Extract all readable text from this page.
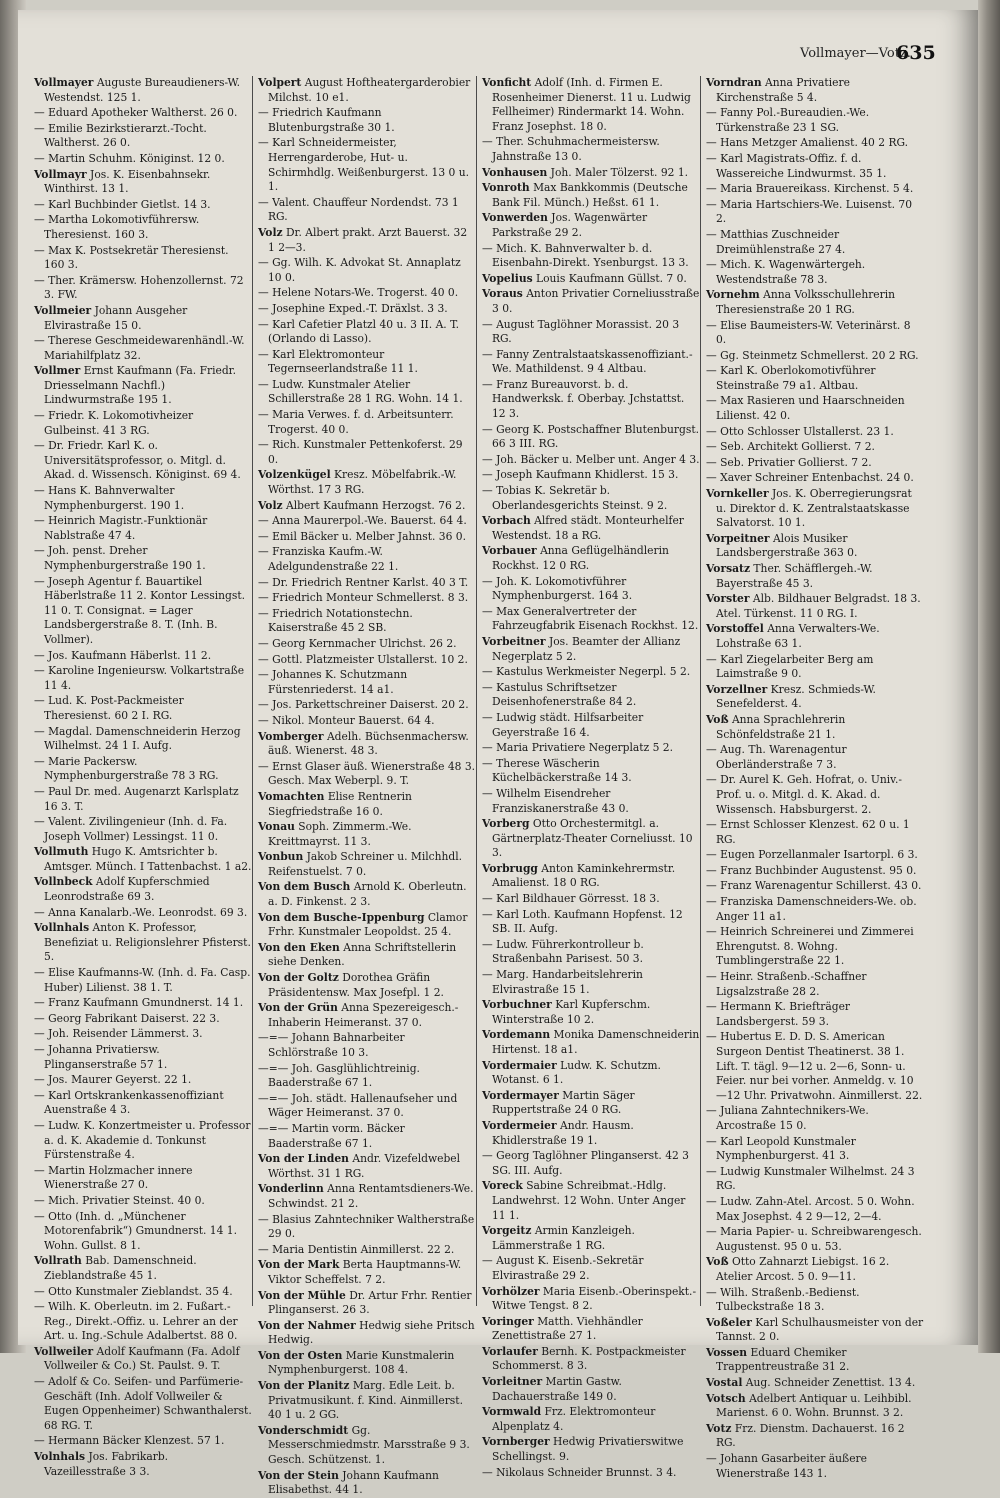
Vollmayer—Votz.
635
Vollmayer Auguste Bureaudieners-W. Westendst. 125 1.
— Eduard Apotheker Waltherst. 26 0.
— Emilie Bezirkstierarzt.-Tocht. Waltherst. 26 0.
— Martin Schuhm. Königinst. 12 0.
Vollmayr Jos. K. Eisenbahnsekr. Winthirst. 13 1.
— Karl Buchbinder Gietlst. 14 3.
— Martha Lokomotivführersw. Theresienst. 160 3.
— Max K. Postsekretär Theresienst. 160 3.
— Ther. Krämersw. Hohenzollernst. 72 3. FW.
Vollmeier Johann Ausgeher Elvirastraße 15 0.
— Therese Geschmeidewarenhändl.-W. Mariahilfplatz 32.
Vollmer Ernst Kaufmann (Fa. Friedr. Driesselmann Nachfl.) Lindwurmstraße 195 1.
— Friedr. K. Lokomotivheizer Gulbeinst. 41 3 RG.
— Dr. Friedr. Karl K. o. Universitätsprofessor, o. Mitgl. d. Akad. d. Wissensch. Königinst. 69 4.
— Hans K. Bahnverwalter Nymphenburgerst. 190 1.
— Heinrich Magistr.-Funktionär Nablstraße 47 4.
— Joh. penst. Dreher Nymphenburgerstraße 190 1.
— Joseph Agentur f. Bauartikel Häberlstraße 11 2. Kontor Lessingst. 11 0. T. Consignat. = Lager Landsbergerstraße 8. T. (Inh. B. Vollmer).
— Jos. Kaufmann Häberlst. 11 2.
— Karoline Ingenieursw. Volkartstraße 11 4.
— Lud. K. Post-Packmeister Theresienst. 60 2 I. RG.
— Magdal. Damenschneiderin Herzog Wilhelmst. 24 1 I. Aufg.
— Marie Packersw. Nymphenburgerstraße 78 3 RG.
— Paul Dr. med. Augenarzt Karlsplatz 16 3. T.
— Valent. Zivilingenieur (Inh. d. Fa. Joseph Vollmer) Lessingst. 11 0.
Vollmuth Hugo K. Amtsrichter b. Amtsger. Münch. I Tattenbachst. 1 a2.
Vollnbeck Adolf Kupferschmied Leonrodstraße 69 3.
— Anna Kanalarb.-We. Leonrodst. 69 3.
Vollnhals Anton K. Professor, Benefiziat u. Religionslehrer Pfisterst. 5.
— Elise Kaufmanns-W. (Inh. d. Fa. Casp. Huber) Lilienst. 38 1. T.
— Franz Kaufmann Gmundnerst. 14 1.
— Georg Fabrikant Daiserst. 22 3.
— Joh. Reisender Lämmerst. 3.
— Johanna Privatiersw. Plinganserstraße 57 1.
— Jos. Maurer Geyerst. 22 1.
— Karl Ortskrankenkassenoffiziant Auenstraße 4 3.
— Ludw. K. Konzertmeister u. Professor a. d. K. Akademie d. Tonkunst Fürstenstraße 4.
— Martin Holzmacher innere Wienerstraße 27 0.
— Mich. Privatier Steinst. 40 0.
— Otto (Inh. d. „Münchener Motorenfabrik“) Gmundnerst. 14 1. Wohn. Gullst. 8 1.
Vollrath Bab. Damenschneid. Zieblandstraße 45 1.
— Otto Kunstmaler Zieblandst. 35 4.
— Wilh. K. Oberleutn. im 2. Fußart.-Reg., Direkt.-Offiz. u. Lehrer an der Art. u. Ing.-Schule Adalbertst. 88 0.
Vollweiler Adolf Kaufmann (Fa. Adolf Vollweiler & Co.) St. Paulst. 9. T.
— Adolf & Co. Seifen- und Parfümerie-Geschäft (Inh. Adolf Vollweiler & Eugen Oppenheimer) Schwanthalerst. 68 RG. T.
— Hermann Bäcker Klenzest. 57 1.
Volnhals Jos. Fabrikarb. Vazeillesstraße 3 3.
Volpert August Hoftheatergarderobier Milchst. 10 e1.
— Friedrich Kaufmann Blutenburgstraße 30 1.
— Karl Schneidermeister, Herrengarderobe, Hut- u. Schirmhdlg. Weißenburgerst. 13 0 u. 1.
— Valent. Chauffeur Nordendst. 73 1 RG.
Volz Dr. Albert prakt. Arzt Bauerst. 32 1 2—3.
— Gg. Wilh. K. Advokat St. Annaplatz 10 0.
— Helene Notars-We. Trogerst. 40 0.
— Josephine Exped.-T. Dräxlst. 3 3.
— Karl Cafetier Platzl 40 u. 3 II. A. T. (Orlando di Lasso).
— Karl Elektromonteur Tegernseerlandstraße 11 1.
— Ludw. Kunstmaler Atelier Schillerstraße 28 1 RG. Wohn. 14 1.
— Maria Verwes. f. d. Arbeitsunterr. Trogerst. 40 0.
— Rich. Kunstmaler Pettenkoferst. 29 0.
Volzenkügel Kresz. Möbelfabrik.-W. Wörthst. 17 3 RG.
Volz Albert Kaufmann Herzogst. 76 2.
— Anna Maurerpol.-We. Bauerst. 64 4.
— Emil Bäcker u. Melber Jahnst. 36 0.
— Franziska Kaufm.-W. Adelgundenstraße 22 1.
— Dr. Friedrich Rentner Karlst. 40 3 T.
— Friedrich Monteur Schmellerst. 8 3.
— Friedrich Notationstechn. Kaiserstraße 45 2 SB.
— Georg Kernmacher Ulrichst. 26 2.
— Gottl. Platzmeister Ulstallerst. 10 2.
— Johannes K. Schutzmann Fürstenriederst. 14 a1.
— Jos. Parkettschreiner Daiserst. 20 2.
— Nikol. Monteur Bauerst. 64 4.
Vomberger Adelh. Büchsenmachersw. äuß. Wienerst. 48 3.
— Ernst Glaser äuß. Wienerstraße 48 3. Gesch. Max Weberpl. 9. T.
Vomachten Elise Rentnerin Siegfriedstraße 16 0.
Vonau Soph. Zimmerm.-We. Kreittmayrst. 11 3.
Vonbun Jakob Schreiner u. Milchhdl. Reifenstuelst. 7 0.
Von dem Busch Arnold K. Oberleutn. a. D. Finkenst. 2 3.
Von dem Busche-Ippenburg Clamor Frhr. Kunstmaler Leopoldst. 25 4.
Von den Eken Anna Schriftstellerin siehe Denken.
Von der Goltz Dorothea Gräfin Präsidentensw. Max Josefpl. 1 2.
Von der Grün Anna Spezereigesch.-Inhaberin Heimeranst. 37 0.
—=— Johann Bahnarbeiter Schlörstraße 10 3.
—=— Joh. Gasglühlichtreinig. Baaderstraße 67 1.
—=— Joh. städt. Hallenaufseher und Wäger Heimeranst. 37 0.
—=— Martin vorm. Bäcker Baaderstraße 67 1.
Von der Linden Andr. Vizefeldwebel Wörthst. 31 1 RG.
Vonderlinn Anna Rentamtsdieners-We. Schwindst. 21 2.
— Blasius Zahntechniker Waltherstraße 29 0.
— Maria Dentistin Ainmillerst. 22 2.
Von der Mark Berta Hauptmanns-W. Viktor Scheffelst. 7 2.
Von der Mühle Dr. Artur Frhr. Rentier Plinganserst. 26 3.
Von der Nahmer Hedwig siehe Pritsch Hedwig.
Von der Osten Marie Kunstmalerin Nymphenburgerst. 108 4.
Von der Planitz Marg. Edle Leit. b. Privatmusikunt. f. Kind. Ainmillerst. 40 1 u. 2 GG.
Vonderschmidt Gg. Messerschmiedmstr. Marsstraße 9 3. Gesch. Schützenst. 1.
Von der Stein Johann Kaufmann Elisabethst. 44 1.
Vonficht Adolf (Inh. d. Firmen E. Rosenheimer Dienerst. 11 u. Ludwig Fellheimer) Rindermarkt 14. Wohn. Franz Josephst. 18 0.
— Ther. Schuhmachermeistersw. Jahnstraße 13 0.
Vonhausen Joh. Maler Tölzerst. 92 1.
Vonroth Max Bankkommis (Deutsche Bank Fil. Münch.) Heßst. 61 1.
Vonwerden Jos. Wagenwärter Parkstraße 29 2.
— Mich. K. Bahnverwalter b. d. Eisenbahn-Direkt. Ysenburgst. 13 3.
Vopelius Louis Kaufmann Güllst. 7 0.
Voraus Anton Privatier Corneliusstraße 3 0.
— August Taglöhner Morassist. 20 3 RG.
— Fanny Zentralstaatskassenoffiziant.-We. Mathildenst. 9 4 Altbau.
— Franz Bureauvorst. b. d. Handwerksk. f. Oberbay. Jchstattst. 12 3.
— Georg K. Postschaffner Blutenburgst. 66 3 III. RG.
— Joh. Bäcker u. Melber unt. Anger 4 3.
— Joseph Kaufmann Khidlerst. 15 3.
— Tobias K. Sekretär b. Oberlandesgerichts Steinst. 9 2.
Vorbach Alfred städt. Monteurhelfer Westendst. 18 a RG.
Vorbauer Anna Geflügelhändlerin Rockhst. 12 0 RG.
— Joh. K. Lokomotivführer Nymphenburgerst. 164 3.
— Max Generalvertreter der Fahrzeugfabrik Eisenach Rockhst. 12.
Vorbeitner Jos. Beamter der Allianz Negerplatz 5 2.
— Kastulus Werkmeister Negerpl. 5 2.
— Kastulus Schriftsetzer Deisenhofenerstraße 84 2.
— Ludwig städt. Hilfsarbeiter Geyerstraße 16 4.
— Maria Privatiere Negerplatz 5 2.
— Therese Wäscherin Küchelbäckerstraße 14 3.
— Wilhelm Eisendreher Franziskanerstraße 43 0.
Vorberg Otto Orchestermitgl. a. Gärtnerplatz-Theater Corneliusst. 10 3.
Vorbrugg Anton Kaminkehrermstr. Amalienst. 18 0 RG.
— Karl Bildhauer Görresst. 18 3.
— Karl Loth. Kaufmann Hopfenst. 12 SB. II. Aufg.
— Ludw. Führerkontrolleur b. Straßenbahn Parisest. 50 3.
— Marg. Handarbeitslehrerin Elvirastraße 15 1.
Vorbuchner Karl Kupferschm. Winterstraße 10 2.
Vordemann Monika Damenschneiderin Hirtenst. 18 a1.
Vordermaier Ludw. K. Schutzm. Wotanst. 6 1.
Vordermayer Martin Säger Ruppertstraße 24 0 RG.
Vordermeier Andr. Hausm. Khidlerstraße 19 1.
— Georg Taglöhner Plinganserst. 42 3 SG. III. Aufg.
Voreck Sabine Schreibmat.-Hdlg. Landwehrst. 12 Wohn. Unter Anger 11 1.
Vorgeitz Armin Kanzleigeh. Lämmerstraße 1 RG.
— August K. Eisenb.-Sekretär Elvirastraße 29 2.
Vorhölzer Maria Eisenb.-Oberinspekt.-Witwe Tengst. 8 2.
Voringer Matth. Viehhändler Zenettistraße 27 1.
Vorlaufer Bernh. K. Postpackmeister Schommerst. 8 3.
Vorleitner Martin Gastw. Dachauerstraße 149 0.
Vormwald Frz. Elektromonteur Alpenplatz 4.
Vornberger Hedwig Privatierswitwe Schellingst. 9.
— Nikolaus Schneider Brunnst. 3 4.
Vorndran Anna Privatiere Kirchenstraße 5 4.
— Fanny Pol.-Bureaudien.-We. Türkenstraße 23 1 SG.
— Hans Metzger Amalienst. 40 2 RG.
— Karl Magistrats-Offiz. f. d. Wassereiche Lindwurmst. 35 1.
— Maria Brauereikass. Kirchenst. 5 4.
— Maria Hartschiers-We. Luisenst. 70 2.
— Matthias Zuschneider Dreimühlenstraße 27 4.
— Mich. K. Wagenwärtergeh. Westendstraße 78 3.
Vornehm Anna Volksschullehrerin Theresienstraße 20 1 RG.
— Elise Baumeisters-W. Veterinärst. 8 0.
— Gg. Steinmetz Schmellerst. 20 2 RG.
— Karl K. Oberlokomotivführer Steinstraße 79 a1. Altbau.
— Max Rasieren und Haarschneiden Lilienst. 42 0.
— Otto Schlosser Ulstallerst. 23 1.
— Seb. Architekt Gollierst. 7 2.
— Seb. Privatier Gollierst. 7 2.
— Xaver Schreiner Entenbachst. 24 0.
Vornkeller Jos. K. Oberregierungsrat u. Direktor d. K. Zentralstaatskasse Salvatorst. 10 1.
Vorpeitner Alois Musiker Landsbergerstraße 363 0.
Vorsatz Ther. Schäfflergeh.-W. Bayerstraße 45 3.
Vorster Alb. Bildhauer Belgradst. 18 3. Atel. Türkenst. 11 0 RG. I.
Vorstoffel Anna Verwalters-We. Lohstraße 63 1.
— Karl Ziegelarbeiter Berg am Laimstraße 9 0.
Vorzellner Kresz. Schmieds-W. Senefelderst. 4.
Voß Anna Sprachlehrerin Schönfeldstraße 21 1.
— Aug. Th. Warenagentur Oberländerstraße 7 3.
— Dr. Aurel K. Geh. Hofrat, o. Univ.-Prof. u. o. Mitgl. d. K. Akad. d. Wissensch. Habsburgerst. 2.
— Ernst Schlosser Klenzest. 62 0 u. 1 RG.
— Eugen Porzellanmaler Isartorpl. 6 3.
— Franz Buchbinder Augustenst. 95 0.
— Franz Warenagentur Schillerst. 43 0.
— Franziska Damenschneiders-We. ob. Anger 11 a1.
— Heinrich Schreinerei und Zimmerei Ehrengutst. 8. Wohng. Tumblingerstraße 22 1.
— Heinr. Straßenb.-Schaffner Ligsalzstraße 28 2.
— Hermann K. Briefträger Landsbergerst. 59 3.
— Hubertus E. D. D. S. American Surgeon Dentist Theatinerst. 38 1. Lift. T. tägl. 9—12 u. 2—6, Sonn- u. Feier. nur bei vorher. Anmeldg. v. 10—12 Uhr. Privatwohn. Ainmillerst. 22.
— Juliana Zahntechnikers-We. Arcostraße 15 0.
— Karl Leopold Kunstmaler Nymphenburgerst. 41 3.
— Ludwig Kunstmaler Wilhelmst. 24 3 RG.
— Ludw. Zahn-Atel. Arcost. 5 0. Wohn. Max Josephst. 4 2 9—12, 2—4.
— Maria Papier- u. Schreibwarengesch. Augustenst. 95 0 u. 53.
Voß Otto Zahnarzt Liebigst. 16 2. Atelier Arcost. 5 0. 9—11.
— Wilh. Straßenb.-Bedienst. Tulbeckstraße 18 3.
Voßeler Karl Schulhausmeister von der Tannst. 2 0.
Vossen Eduard Chemiker Trappentreustraße 31 2.
Vostal Aug. Schneider Zenettist. 13 4.
Votsch Adelbert Antiquar u. Leihbibl. Marienst. 6 0. Wohn. Brunnst. 3 2.
Votz Frz. Dienstm. Dachauerst. 16 2 RG.
— Johann Gasarbeiter äußere Wienerstraße 143 1.
